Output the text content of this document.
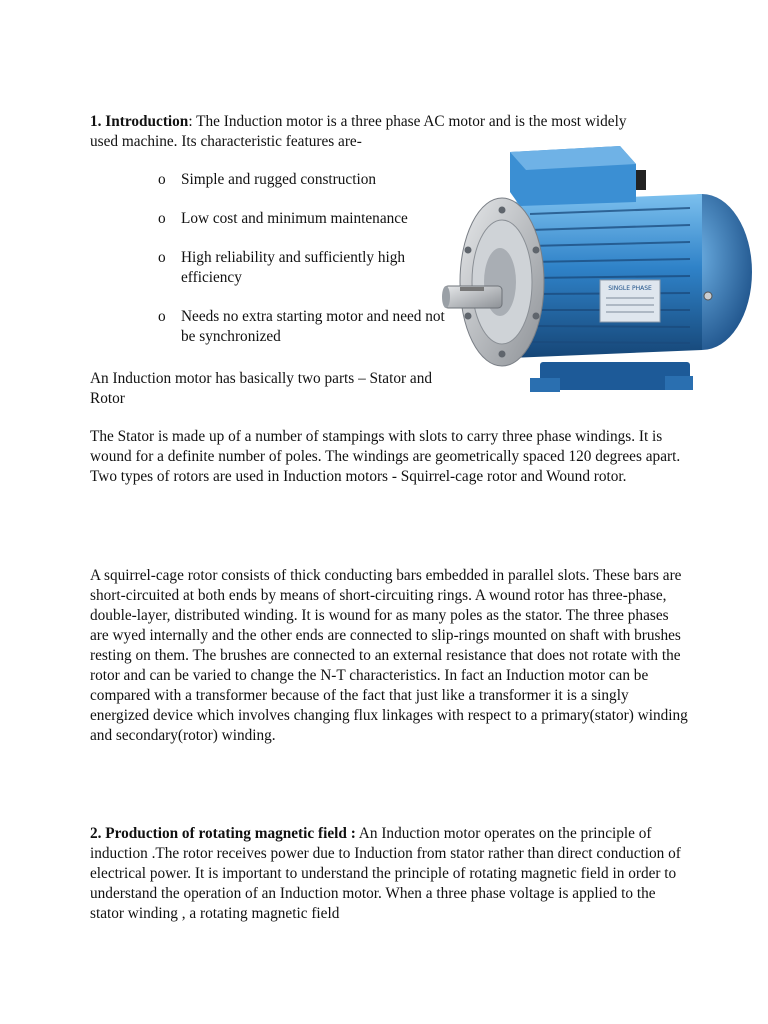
1. Introduction: The Induction motor is a three phase AC motor and is the most widely used machine. Its characteristic features are-

o	Simple and rugged construction
o	Low cost and minimum maintenance
o	High reliability and sufficiently high efficiency
o	Needs no extra starting motor and need not be synchronized

An Induction motor has basically two parts – Stator and Rotor

The Stator is made up of a number of stampings with slots to carry three phase windings. It is wound for a definite number of poles. The windings are geometrically spaced 120 degrees apart. Two types of rotors are used in Induction motors - Squirrel-cage rotor and Wound rotor.

A squirrel-cage rotor consists of thick conducting bars embedded in parallel slots. These bars are short-circuited at both ends by means of short-circuiting rings. A wound rotor has three-phase, double-layer, distributed winding. It is wound for as many poles as the stator. The three phases are wyed internally and the other ends are connected to slip-rings mounted on shaft with brushes resting on them. The brushes are connected to an external resistance that does not rotate with the rotor and can be varied to change the N-T characteristics. In fact an Induction motor can be compared with a transformer because of the fact that just like a transformer it is a singly energized device which involves changing flux linkages with respect to a primary(stator) winding and secondary(rotor) winding.

2. Production of rotating magnetic field : An Induction motor operates on the principle of induction .The rotor receives power due to Induction from stator rather than direct conduction of electrical power. It is important to understand the principle of rotating magnetic field in order to understand the operation of an Induction motor. When a three phase voltage is applied to the stator winding , a rotating magnetic field

SINGLE PHASE
